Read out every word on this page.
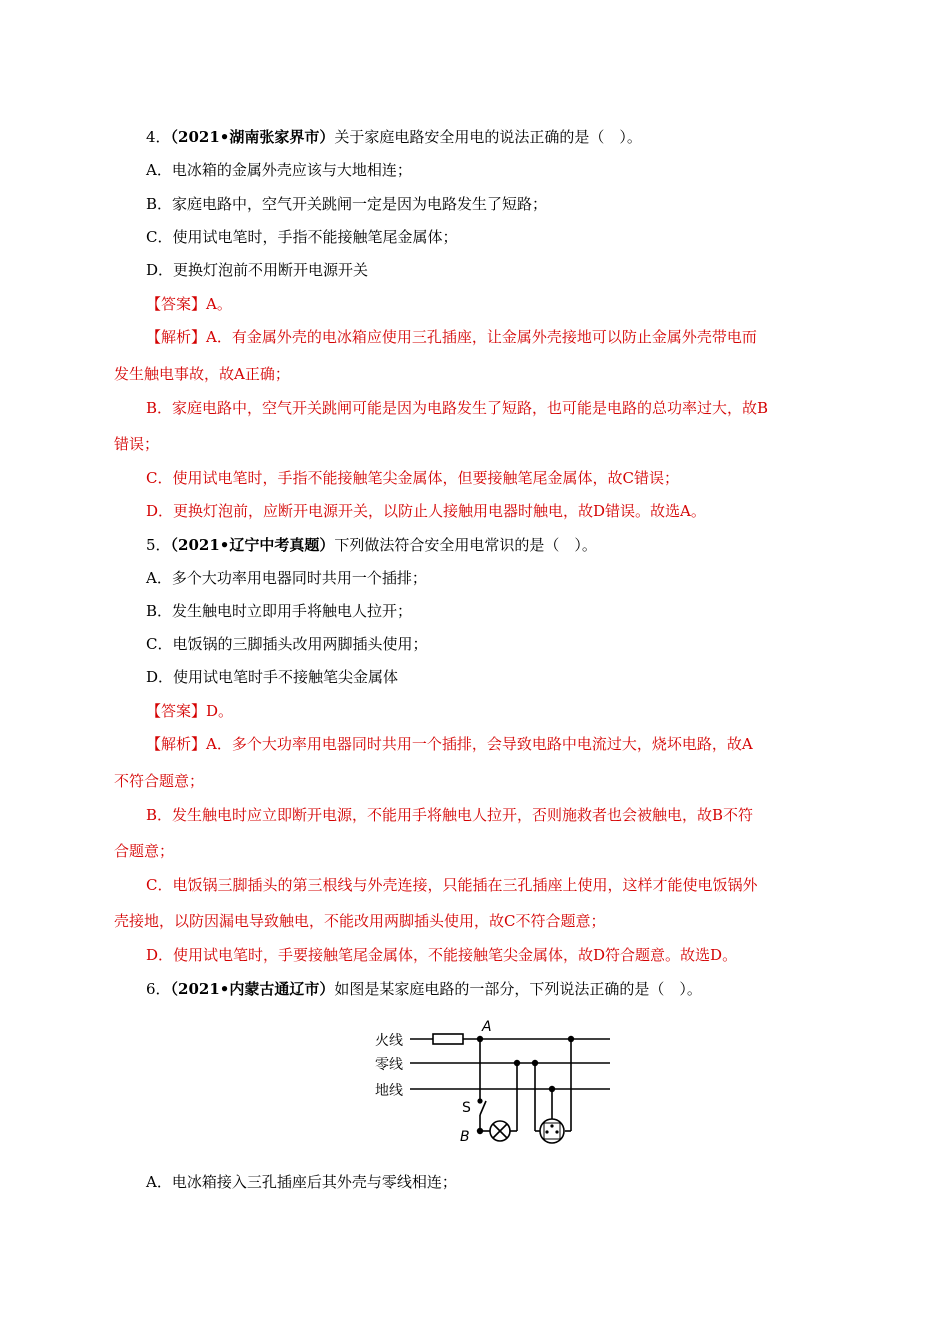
4．（2021•湖南张家界市）关于家庭电路安全用电的说法正确的是（　）。
A．电冰箱的金属外壳应该与大地相连；
B．家庭电路中，空气开关跳闸一定是因为电路发生了短路；
C．使用试电笔时，手指不能接触笔尾金属体；
D．更换灯泡前不用断开电源开关
【答案】A。
【解析】A．有金属外壳的电冰箱应使用三孔插座，让金属外壳接地可以防止金属外壳带电而
发生触电事故，故A正确；
B．家庭电路中，空气开关跳闸可能是因为电路发生了短路，也可能是电路的总功率过大，故B
错误；
C．使用试电笔时，手指不能接触笔尖金属体，但要接触笔尾金属体，故C错误；
D．更换灯泡前，应断开电源开关，以防止人接触用电器时触电，故D错误。故选A。
5．（2021•辽宁中考真题）下列做法符合安全用电常识的是（　）。
A．多个大功率用电器同时共用一个插排；
B．发生触电时立即用手将触电人拉开；
C．电饭锅的三脚插头改用两脚插头使用；
D．使用试电笔时手不接触笔尖金属体
【答案】D。
【解析】A．多个大功率用电器同时共用一个插排，会导致电路中电流过大，烧坏电路，故A
不符合题意；
B．发生触电时应立即断开电源，不能用手将触电人拉开，否则施救者也会被触电，故B不符
合题意；
C．电饭锅三脚插头的第三根线与外壳连接，只能插在三孔插座上使用，这样才能使电饭锅外
壳接地，以防因漏电导致触电，不能改用两脚插头使用，故C不符合题意；
D．使用试电笔时，手要接触笔尾金属体，不能接触笔尖金属体，故D符合题意。故选D。
6．（2021•内蒙古通辽市）如图是某家庭电路的一部分，下列说法正确的是（　）。
火线
零线
地线
A
S
B
A．电冰箱接入三孔插座后其外壳与零线相连；
